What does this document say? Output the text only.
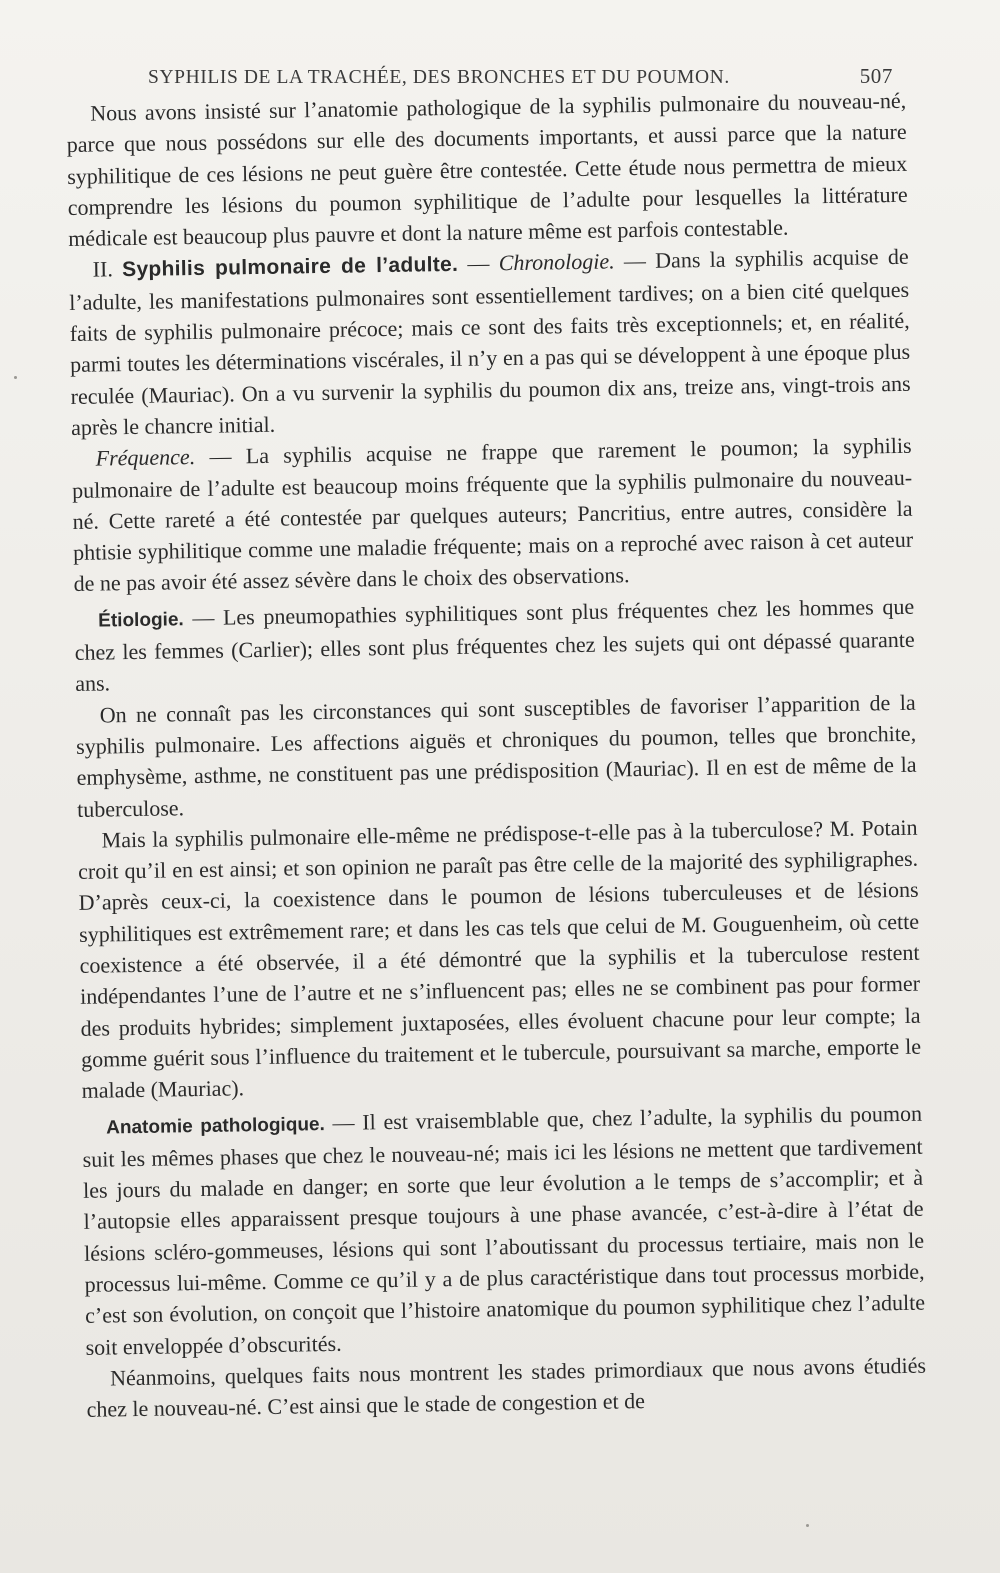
SYPHILIS DE LA TRACHÉE, DES BRONCHES ET DU POUMON.	507

Nous avons insisté sur l’anatomie pathologique de la syphilis pulmonaire du nouveau-né, parce que nous possédons sur elle des documents importants, et aussi parce que la nature syphilitique de ces lésions ne peut guère être contestée. Cette étude nous permettra de mieux comprendre les lésions du poumon syphilitique de l’adulte pour lesquelles la littérature médicale est beaucoup plus pauvre et dont la nature même est parfois contestable.

II. Syphilis pulmonaire de l’adulte. — Chronologie. — Dans la syphilis acquise de l’adulte, les manifestations pulmonaires sont essentiellement tardives; on a bien cité quelques faits de syphilis pulmonaire précoce; mais ce sont des faits très exceptionnels; et, en réalité, parmi toutes les déterminations viscérales, il n’y en a pas qui se développent à une époque plus reculée (Mauriac). On a vu survenir la syphilis du poumon dix ans, treize ans, vingt-trois ans après le chancre initial.

Fréquence. — La syphilis acquise ne frappe que rarement le poumon; la syphilis pulmonaire de l’adulte est beaucoup moins fréquente que la syphilis pulmonaire du nouveau-né. Cette rareté a été contestée par quelques auteurs; Pancritius, entre autres, considère la phtisie syphilitique comme une maladie fréquente; mais on a reproché avec raison à cet auteur de ne pas avoir été assez sévère dans le choix des observations.

Étiologie. — Les pneumopathies syphilitiques sont plus fréquentes chez les hommes que chez les femmes (Carlier); elles sont plus fréquentes chez les sujets qui ont dépassé quarante ans.

On ne connaît pas les circonstances qui sont susceptibles de favoriser l’apparition de la syphilis pulmonaire. Les affections aiguës et chroniques du poumon, telles que bronchite, emphysème, asthme, ne constituent pas une prédisposition (Mauriac). Il en est de même de la tuberculose.

Mais la syphilis pulmonaire elle-même ne prédispose-t-elle pas à la tuberculose? M. Potain croit qu’il en est ainsi; et son opinion ne paraît pas être celle de la majorité des syphiligraphes. D’après ceux-ci, la coexistence dans le poumon de lésions tuberculeuses et de lésions syphilitiques est extrêmement rare; et dans les cas tels que celui de M. Gouguenheim, où cette coexistence a été observée, il a été démontré que la syphilis et la tuberculose restent indépendantes l’une de l’autre et ne s’influencent pas; elles ne se combinent pas pour former des produits hybrides; simplement juxtaposées, elles évoluent chacune pour leur compte; la gomme guérit sous l’influence du traitement et le tubercule, poursuivant sa marche, emporte le malade (Mauriac).

Anatomie pathologique. — Il est vraisemblable que, chez l’adulte, la syphilis du poumon suit les mêmes phases que chez le nouveau-né; mais ici les lésions ne mettent que tardivement les jours du malade en danger; en sorte que leur évolution a le temps de s’accomplir; et à l’autopsie elles apparaissent presque toujours à une phase avancée, c’est-à-dire à l’état de lésions scléro-gommeuses, lésions qui sont l’aboutissant du processus tertiaire, mais non le processus lui-même. Comme ce qu’il y a de plus caractéristique dans tout processus morbide, c’est son évolution, on conçoit que l’histoire anatomique du poumon syphilitique chez l’adulte soit enveloppée d’obscurités.

Néanmoins, quelques faits nous montrent les stades primordiaux que nous avons étudiés chez le nouveau-né. C’est ainsi que le stade de congestion et de
